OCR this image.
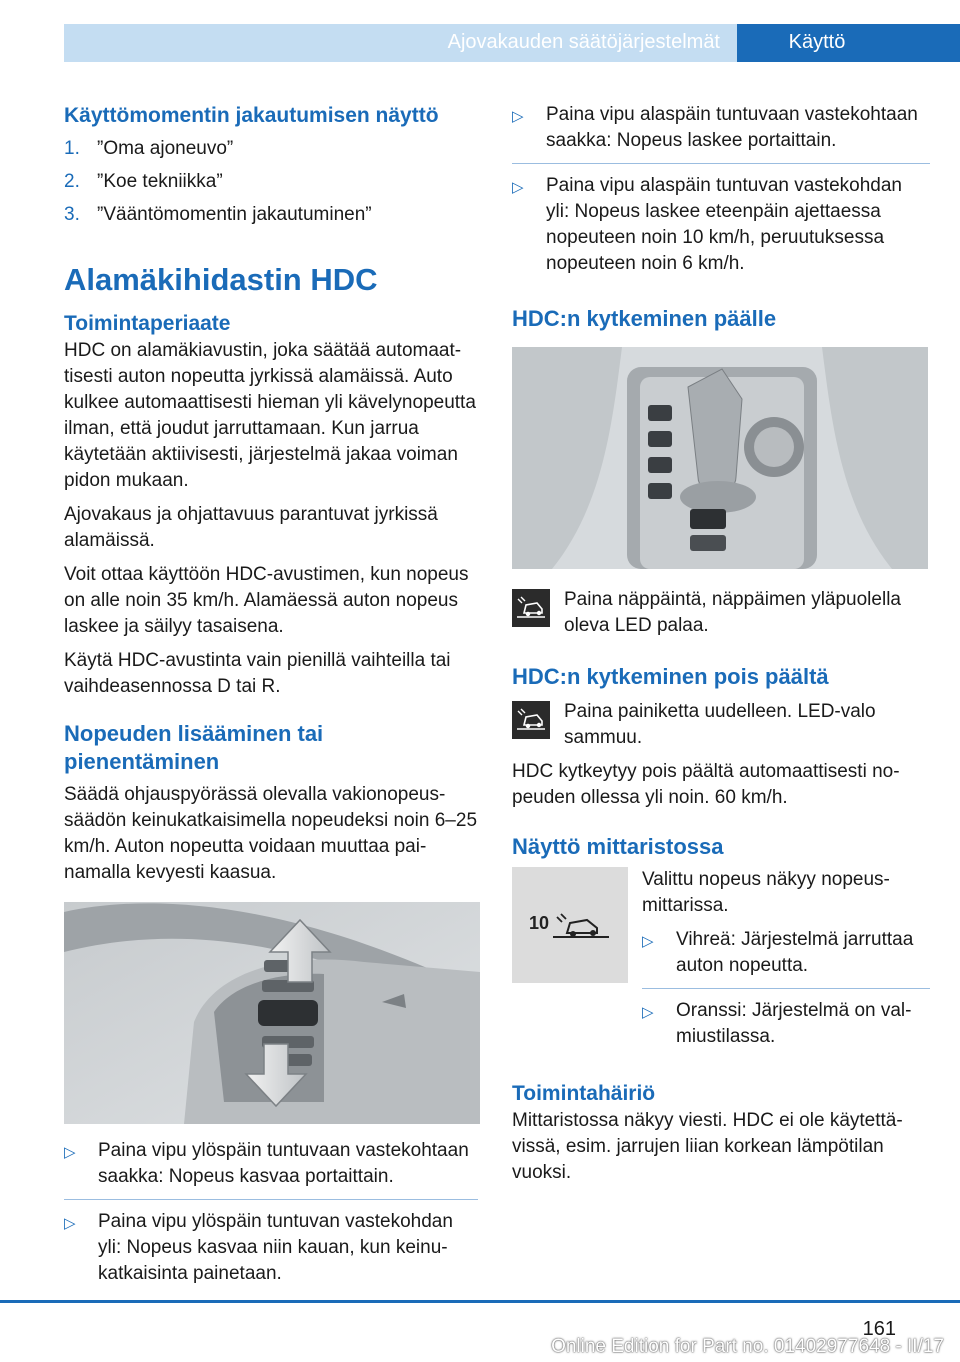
Ajovakauden säätöjärjestelmät	Käyttö
Käyttömomentin jakautumisen näyttö
1. ”Oma ajoneuvo”
2. ”Koe tekniikka”
3. ”Vääntömomentin jakautuminen”
Alamäkihidastin HDC
Toimintaperiaate

HDC on alamäkiavustin, joka säätää automaattisesti auton nopeutta jyrkissä alamäissä. Auto kulkee automaattisesti hieman yli kävelynopeutta ilman, että joudut jarruttamaan. Kun jarrua käytetään aktiivisesti, järjestelmä jakaa voiman pidon mukaan.

Ajovakaus ja ohjattavuus parantuvat jyrkissä alamäissä.

Voit ottaa käyttöön HDC-avustimen, kun nopeus on alle noin 35 km/h. Alamäessä auton nopeus laskee ja säilyy tasaisena.

Käytä HDC-avustinta vain pienillä vaihteilla tai vaihdeasennossa D tai R.

Nopeuden lisääminen tai pienentäminen

Säädä ohjauspyörässä olevalla vakionopeussäädön keinukatkaisimella nopeudeksi noin 6–25 km/h. Auton nopeutta voidaan muuttaa painamalla kevyesti kaasua.

▷	Paina vipu ylöspäin tuntuvaan vastekohtaan saakka: Nopeus kasvaa portaittain.
▷	Paina vipu ylöspäin tuntuvan vastekohdan yli: Nopeus kasvaa niin kauan, kun keinukatkaisinta painetaan.
▷	Paina vipu alaspäin tuntuvaan vastekohtaan saakka: Nopeus laskee portaittain.
▷	Paina vipu alaspäin tuntuvan vastekohdan yli: Nopeus laskee eteenpäin ajettaessa nopeuteen noin 10 km/h, peruutuksessa nopeuteen noin 6 km/h.
HDC:n kytkeminen päälle

Paina näppäintä, näppäimen yläpuolella oleva LED palaa.

HDC:n kytkeminen pois päältä

Paina painiketta uudelleen. LED-valo sammuu.

HDC kytkeytyy pois päältä automaattisesti nopeuden ollessa yli noin. 60 km/h.

Näyttö mittaristossa
10

Valittu nopeus näkyy nopeusmittarissa.

▷	Vihreä: Järjestelmä jarruttaa auton nopeutta.
▷	Oranssi: Järjestelmä on valmiustilassa.
Toimintahäiriö

Mittaristossa näkyy viesti. HDC ei ole käytettävissä, esim. jarrujen liian korkean lämpötilan vuoksi.

161
Online Edition for Part no. 01402977648 - II/17
